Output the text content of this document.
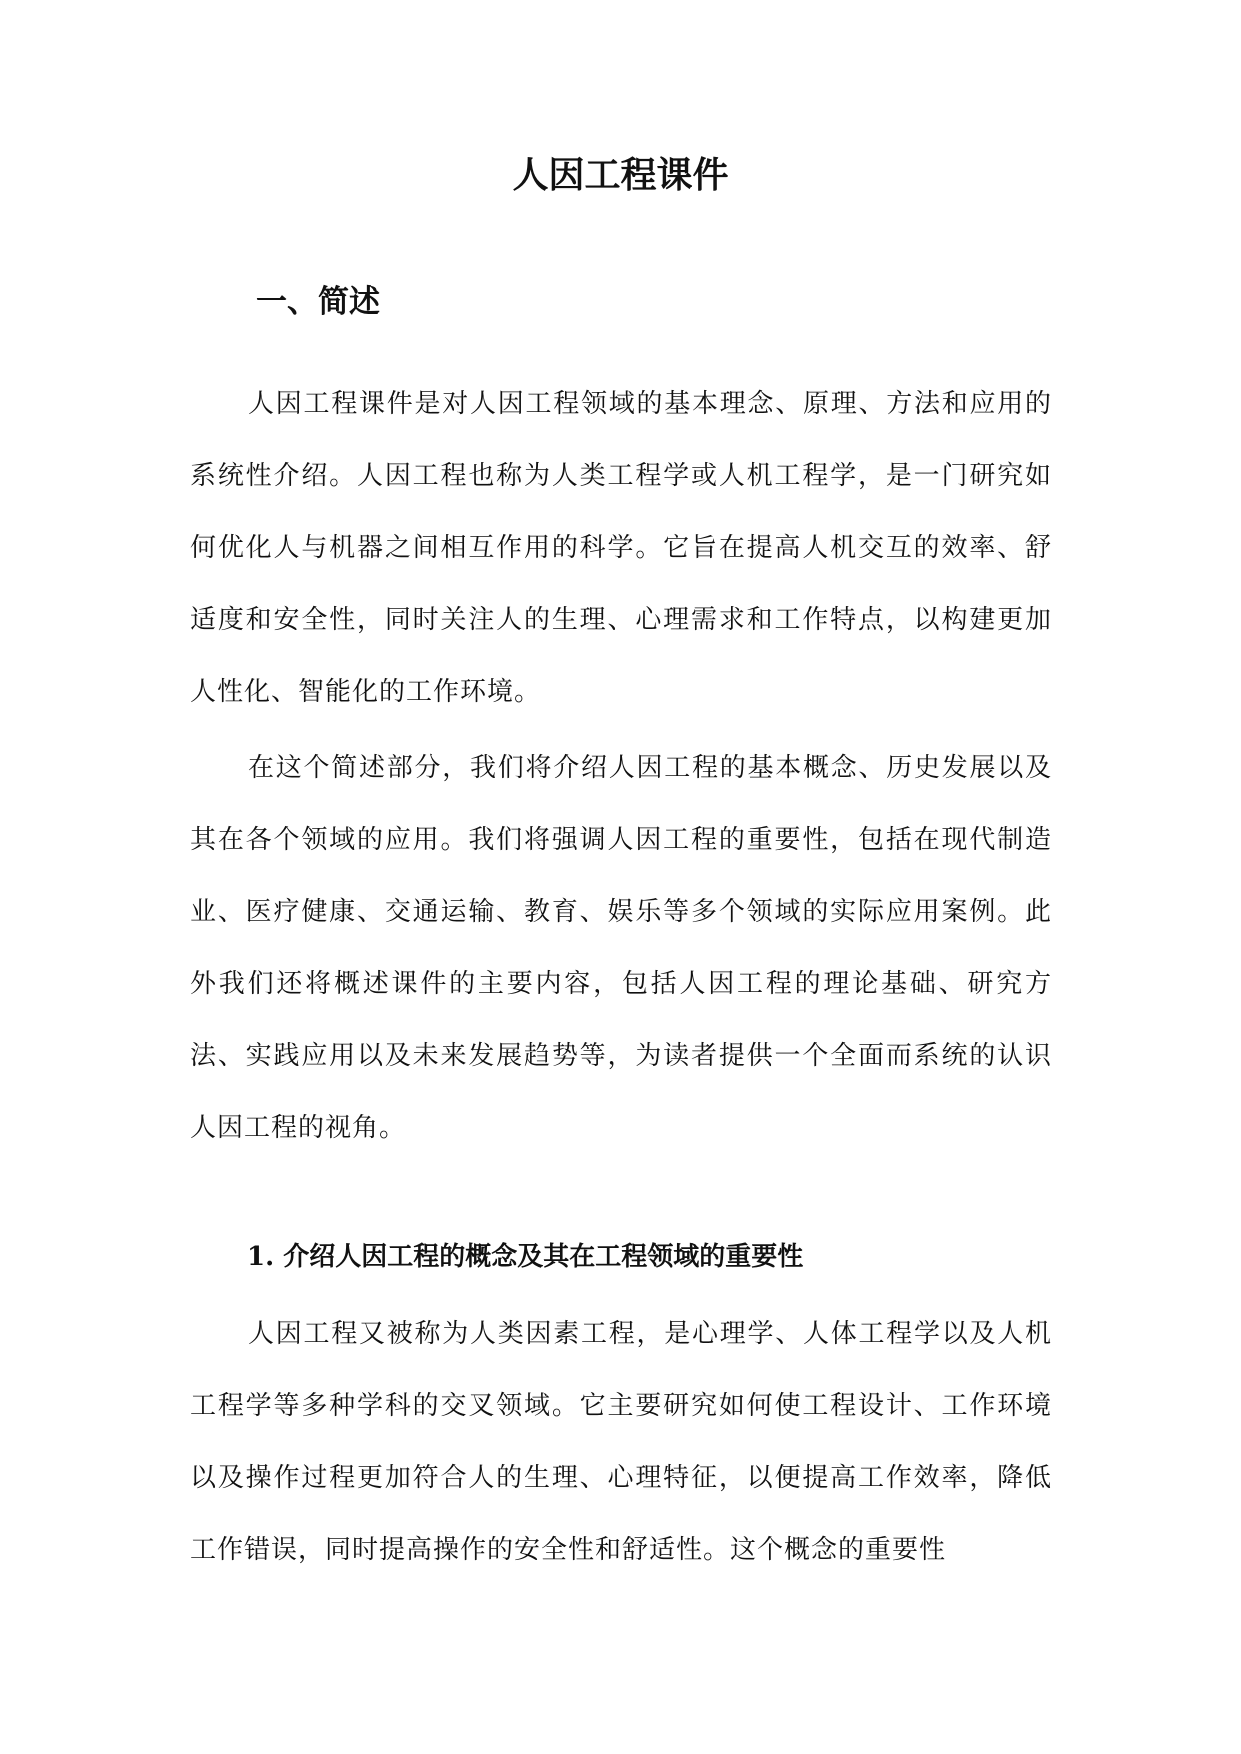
人因工程课件
一、简述

人因工程课件是对人因工程领域的基本理念、原理、方法和应用的系统性介绍。人因工程也称为人类工程学或人机工程学，是一门研究如何优化人与机器之间相互作用的科学。它旨在提高人机交互的效率、舒适度和安全性，同时关注人的生理、心理需求和工作特点，以构建更加人性化、智能化的工作环境。

在这个简述部分，我们将介绍人因工程的基本概念、历史发展以及其在各个领域的应用。我们将强调人因工程的重要性，包括在现代制造业、医疗健康、交通运输、教育、娱乐等多个领域的实际应用案例。此外我们还将概述课件的主要内容，包括人因工程的理论基础、研究方法、实践应用以及未来发展趋势等，为读者提供一个全面而系统的认识人因工程的视角。

1. 介绍人因工程的概念及其在工程领域的重要性

人因工程又被称为人类因素工程，是心理学、人体工程学以及人机工程学等多种学科的交叉领域。它主要研究如何使工程设计、工作环境以及操作过程更加符合人的生理、心理特征，以便提高工作效率，降低工作错误，同时提高操作的安全性和舒适性。这个概念的重要性
